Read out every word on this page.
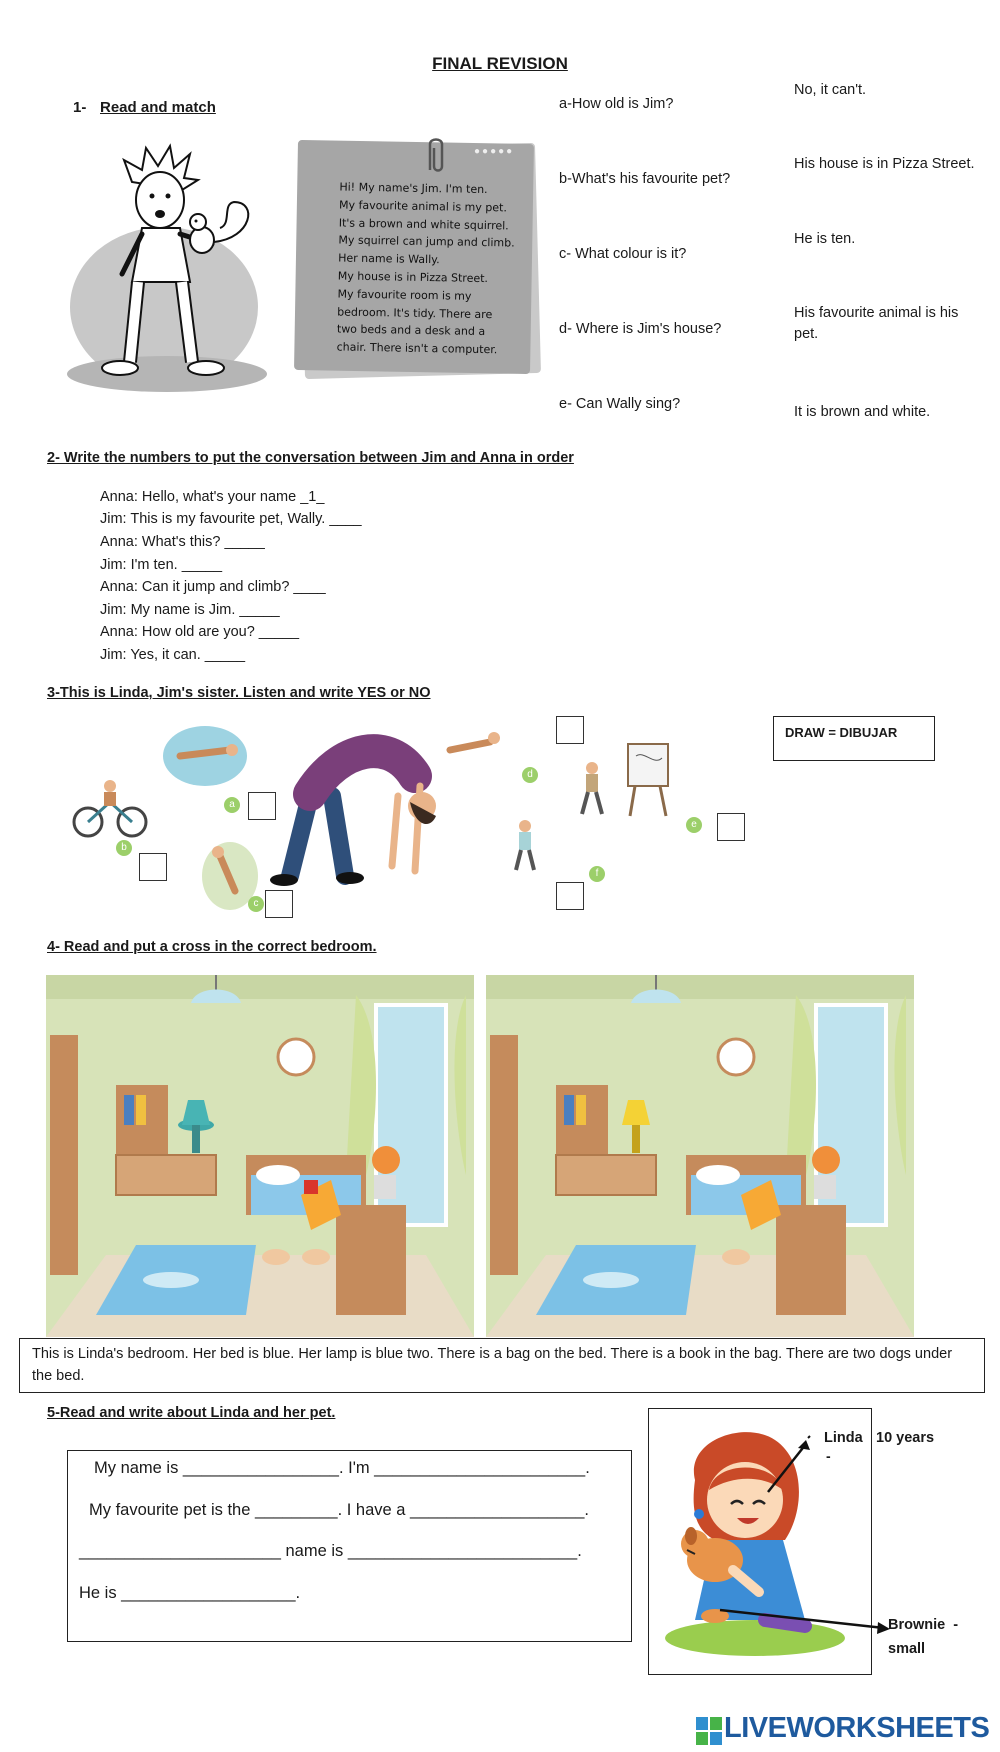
FINAL REVISION
1- Read and match
●●●●●
Hi! My name's Jim. I'm ten.
My favourite animal is my pet.
It's a brown and white squirrel.
My squirrel can jump and climb.
Her name is Wally.
My house is in Pizza Street.
My favourite room is my
bedroom. It's tidy. There are
two beds and a desk and a
chair. There isn't a computer.
a-How old is Jim?
b-What's his favourite pet?
c- What colour is it?
d- Where is Jim's house?
e- Can Wally sing?
No, it can't.
His house is in Pizza Street.
He is ten.
His favourite animal is his pet.
It is brown and white.
2- Write the numbers to put the conversation between Jim and Anna in order
Anna: Hello, what's your name _1_
Jim: This is my favourite pet, Wally. ____
Anna: What's this? _____
Jim: I'm ten. _____
Anna: Can it jump and climb? ____
Jim: My name is Jim. _____
Anna: How old are you? _____
Jim: Yes, it can. _____
3-This is Linda, Jim's sister. Listen and write YES or NO
a
b
c
d
e
f
DRAW = DIBUJAR
4- Read and put a cross in the correct bedroom.
This is Linda's bedroom. Her bed is blue. Her lamp is blue two. There is a bag on the bed. There is a book in the bag. There are two dogs under the bed.
5-Read and write about Linda and her pet.
My name is _________________. I'm _______________________.
My favourite pet is the _________. I have a ___________________.
______________________ name is _________________________.
He is ___________________.
Linda
-
10 years
Brownie  -
small
LIVEWORKSHEETS
